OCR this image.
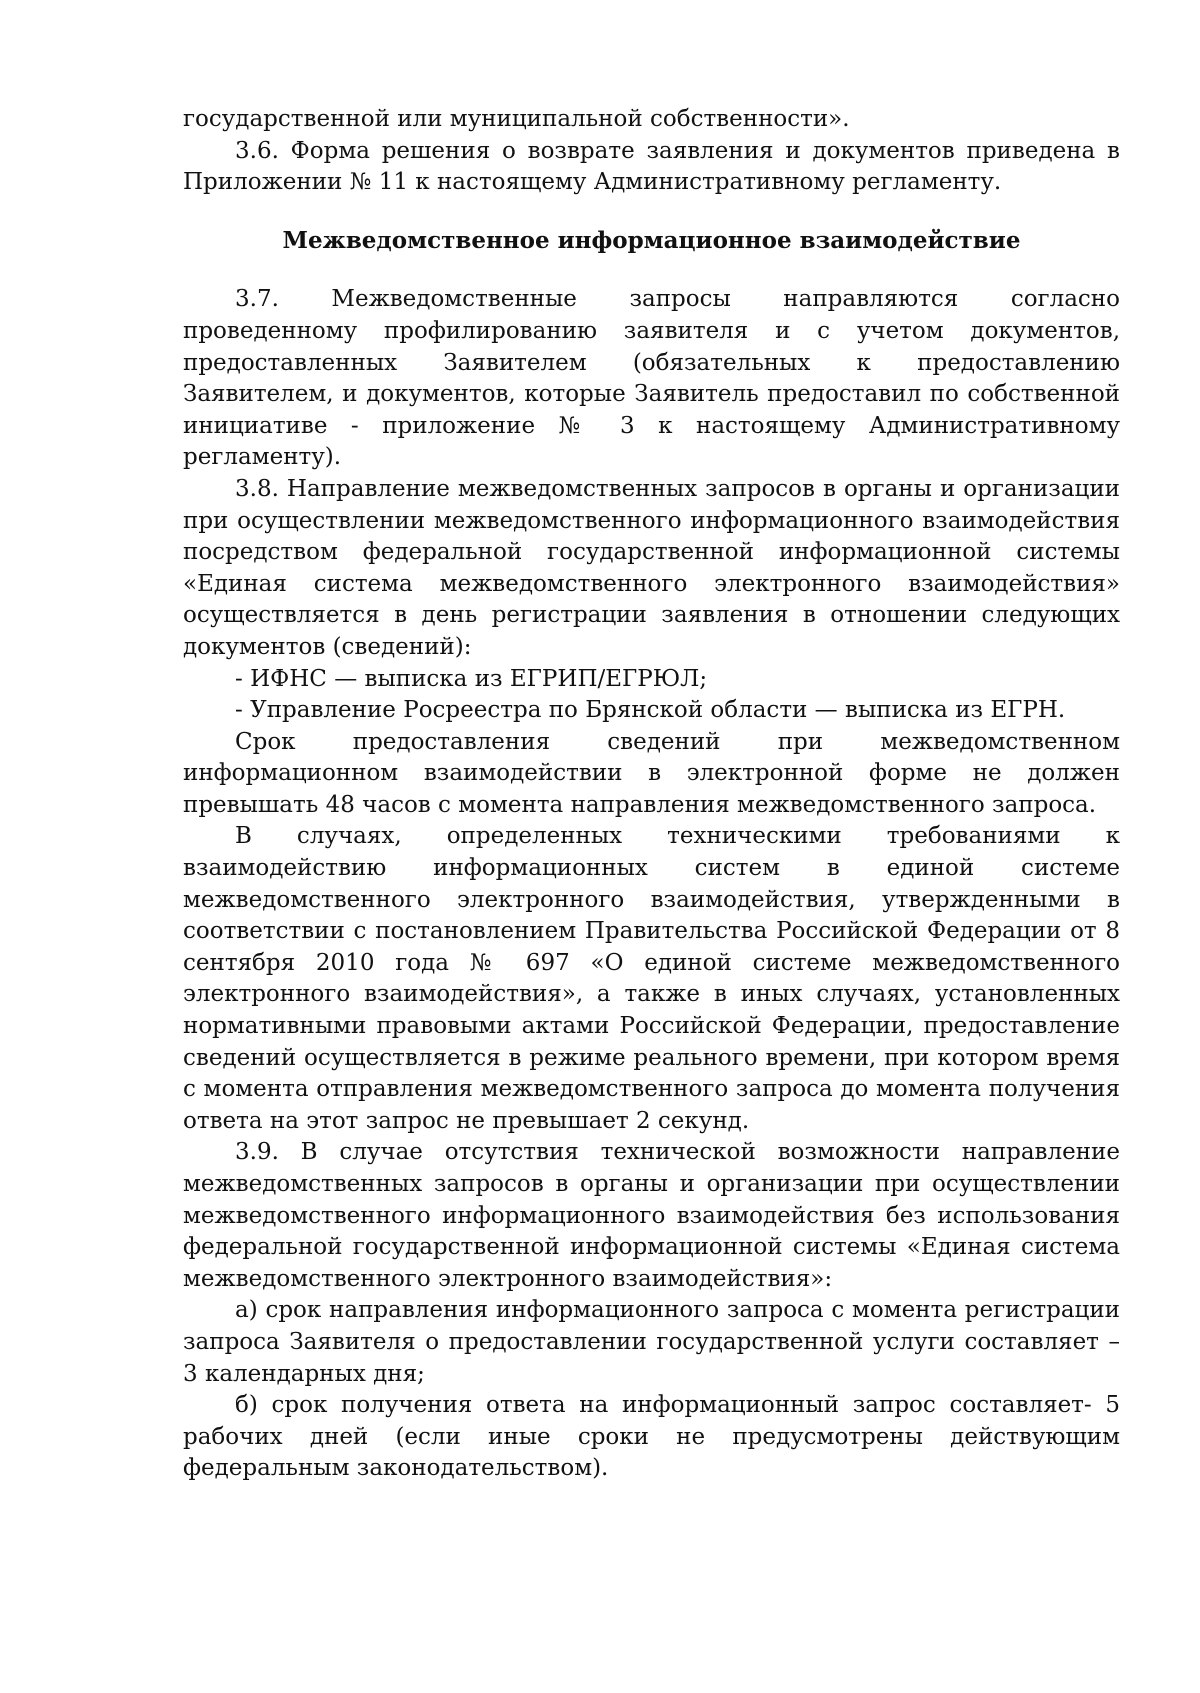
государственной или муниципальной собственности».

3.6. Форма решения о возврате заявления и документов приведена в Приложении № 11 к настоящему Административному регламенту.

Межведомственное информационное взаимодействие

3.7. Межведомственные запросы направляются согласно проведенному профилированию заявителя и с учетом документов, предоставленных Заявителем (обязательных к предоставлению Заявителем, и документов, которые Заявитель предоставил по собственной инициативе - приложение № 3 к настоящему Административному регламенту).

3.8. Направление межведомственных запросов в органы и организации при осуществлении межведомственного информационного взаимодействия посредством федеральной государственной информационной системы «Единая система межведомственного электронного взаимодействия» осуществляется в день регистрации заявления в отношении следующих документов (сведений):

- ИФНС — выписка из ЕГРИП/ЕГРЮЛ;

- Управление Росреестра по Брянской области — выписка из ЕГРН.

Срок предоставления сведений при межведомственном информационном взаимодействии в электронной форме не должен превышать 48 часов с момента направления межведомственного запроса.

В случаях, определенных техническими требованиями к взаимодействию информационных систем в единой системе межведомственного электронного взаимодействия, утвержденными в соответствии с постановлением Правительства Российской Федерации от 8 сентября 2010 года № 697 «О единой системе межведомственного электронного взаимодействия», а также в иных случаях, установленных нормативными правовыми актами Российской Федерации, предоставление сведений осуществляется в режиме реального времени, при котором время с момента отправления межведомственного запроса до момента получения ответа на этот запрос не превышает 2 секунд.

3.9. В случае отсутствия технической возможности направление межведомственных запросов в органы и организации при осуществлении межведомственного информационного взаимодействия без использования федеральной государственной информационной системы «Единая система межведомственного электронного взаимодействия»:

а) срок направления информационного запроса с момента регистрации запроса Заявителя о предоставлении государственной услуги составляет – 3 календарных дня;

б) срок получения ответа на информационный запрос составляет- 5 рабочих дней (если иные сроки не предусмотрены действующим федеральным законодательством).
